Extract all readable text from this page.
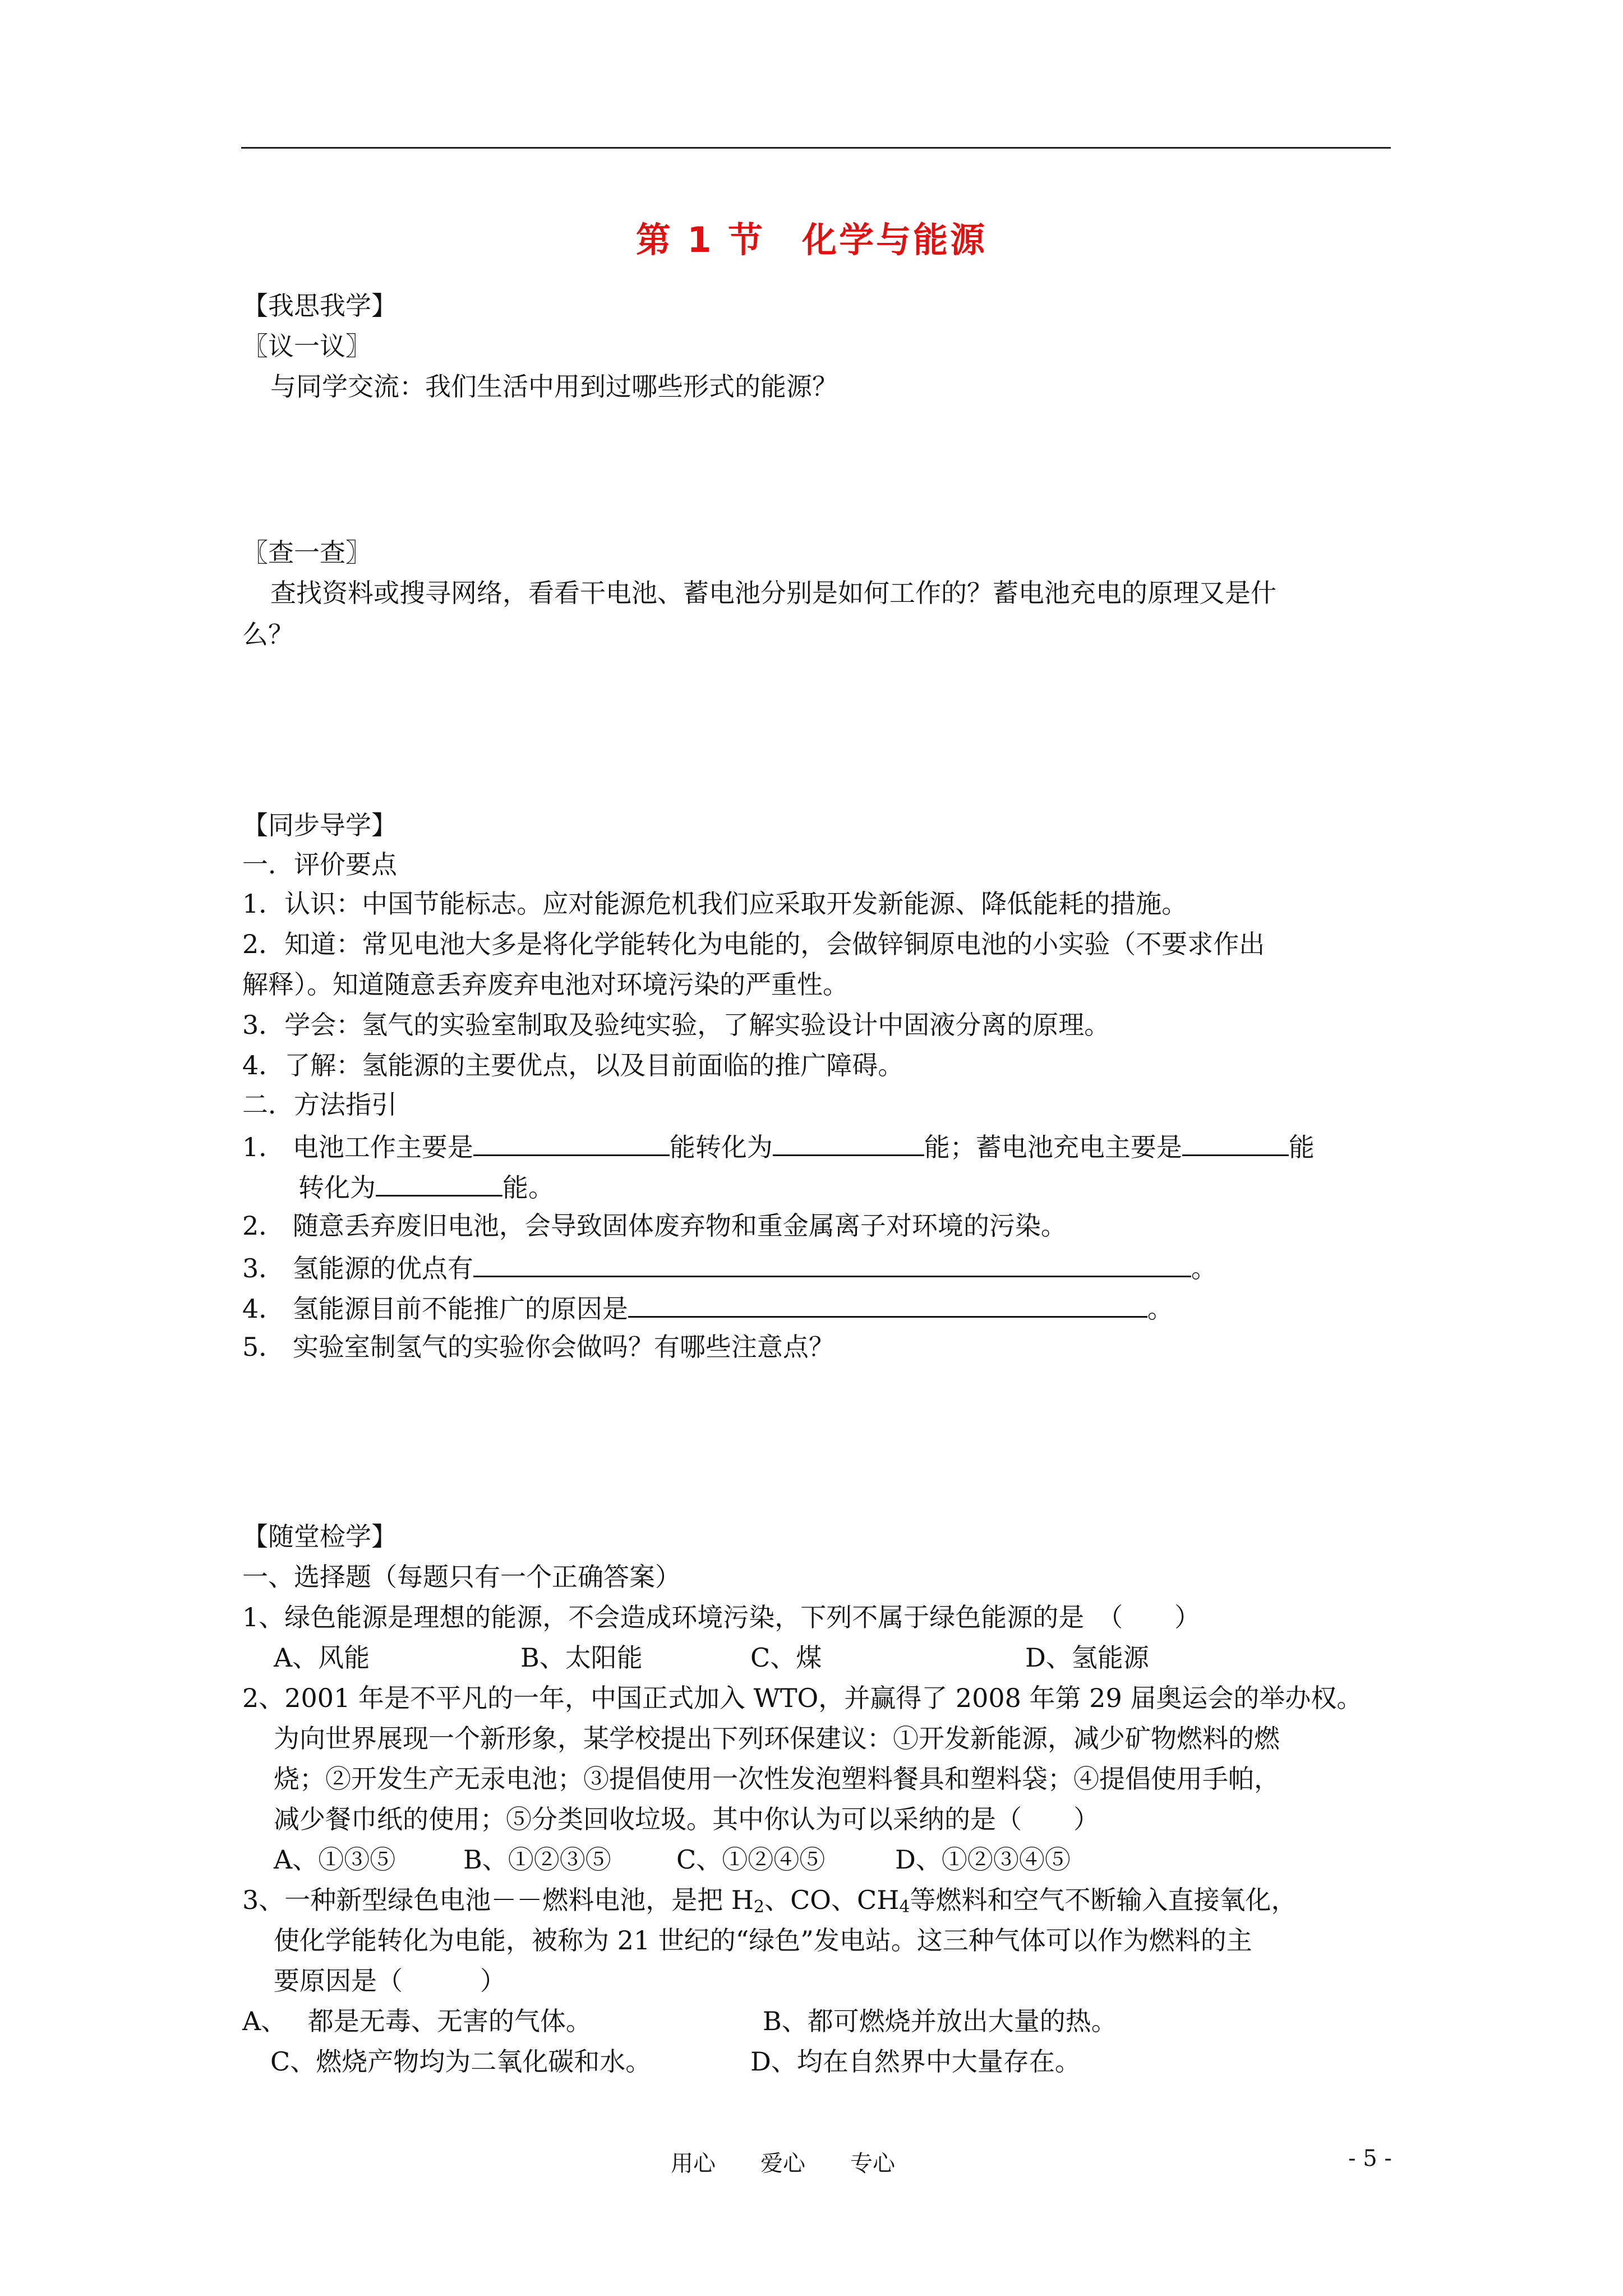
第 1 节　化学与能源
【我思我学】
〖议一议〗
与同学交流：我们生活中用到过哪些形式的能源？
〖查一查〗
查找资料或搜寻网络，看看干电池、蓄电池分别是如何工作的？蓄电池充电的原理又是什
么？
【同步导学】
一．评价要点
1．认识：中国节能标志。应对能源危机我们应采取开发新能源、降低能耗的措施。
2．知道：常见电池大多是将化学能转化为电能的，会做锌铜原电池的小实验（不要求作出
解释）。知道随意丢弃废弃电池对环境污染的严重性。
3．学会：氢气的实验室制取及验纯实验，了解实验设计中固液分离的原理。
4．了解：氢能源的主要优点，以及目前面临的推广障碍。
二．方法指引
1． 电池工作主要是	能转化为	能；蓄电池充电主要是	能
转化为	能。
2． 随意丢弃废旧电池，会导致固体废弃物和重金属离子对环境的污染。
3． 氢能源的优点有	。
4． 氢能源目前不能推广的原因是	。
5． 实验室制氢气的实验你会做吗？有哪些注意点？
【随堂检学】
一、选择题（每题只有一个正确答案）
1、绿色能源是理想的能源，不会造成环境污染，下列不属于绿色能源的是　（　　）
A、风能	B、太阳能	C、煤	D、氢能源
2、2001 年是不平凡的一年，中国正式加入 WTO，并赢得了 2008 年第 29 届奥运会的举办权。
为向世界展现一个新形象，某学校提出下列环保建议：①开发新能源，减少矿物燃料的燃
烧；②开发生产无汞电池；③提倡使用一次性发泡塑料餐具和塑料袋；④提倡使用手帕，
减少餐巾纸的使用；⑤分类回收垃圾。其中你认为可以采纳的是（　　）
A、①③⑤	B、①②③⑤	C、①②④⑤	D、①②③④⑤
3、一种新型绿色电池－－燃料电池，是把 $H_2$、CO、$CH_4$等燃料和空气不断输入直接氧化，
使化学能转化为电能，被称为 21 世纪的“绿色”发电站。这三种气体可以作为燃料的主
要原因是（　　　）
A、　 都是无毒、无害的气体。	B、都可燃烧并放出大量的热。
C、燃烧产物均为二氧化碳和水。	D、均在自然界中大量存在。
用心　　爱心　　专心	- 5 -
